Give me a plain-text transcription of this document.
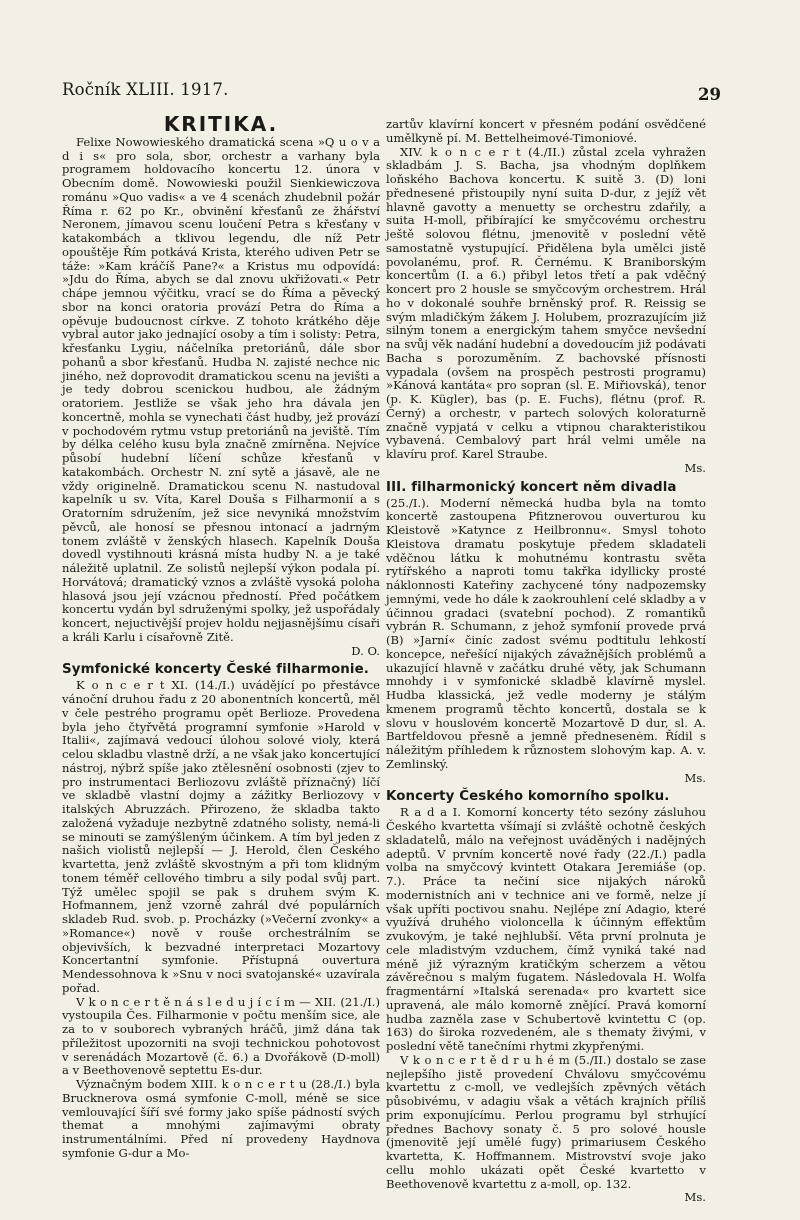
Ročník XLIII. 1917.	29
KRITIKA.

Felixe Nowowieského dramatická scena »Q u o v a d i s« pro sola, sbor, orchestr a varhany byla programem holdovacího koncertu 12. února v Obecním domě. Nowowieski použil Sienkiewiczova románu »Quo vadis« a ve 4 scenách zhudebnil požár Říma r. 62 po Kr., obvinění křesťanů ze žhářství Neronem, jímavou scenu loučení Petra s křesťany v katakombách a tklivou legendu, dle níž Petr opouštěje Řím potkává Krista, kterého udiven Petr se táže: »Kam kráčíš Pane?« a Kristus mu odpovídá: »Jdu do Říma, abych se dal znovu ukřižovati.« Petr chápe jemnou výčitku, vrací se do Říma a pěvecký sbor na konci oratoria provází Petra do Říma a opěvuje budoucnost církve. Z tohoto krátkého děje vybral autor jako jednající osoby a tím i solisty: Petra, křesťanku Lygiu, náčelníka pretoriánů, dále sbor pohanů a sbor křesťanů. Hudba N. zajisté nechce nic jiného, než doprovodit dramatickou scenu na jevišti a je tedy dobrou scenickou hudbou, ale žádným oratoriem. Jestliže se však jeho hra dávala jen koncertně, mohla se vynechati část hudby, jež provází v pochodovém rytmu vstup pretoriánů na jeviště. Tím by délka celého kusu byla značně zmírněna. Nejvíce působí hudební líčení schůze křesťanů v katakombách. Orchestr N. zní sytě a jásavě, ale ne vždy originelně. Dramatickou scenu N. nastudoval kapelník u sv. Víta, Karel Douša s Filharmonií a s Oratorním sdružením, jež sice nevyniká množstvím pěvců, ale honosí se přesnou intonací a jadrným tonem zvláště v ženských hlasech. Kapelník Douša dovedl vystihnouti krásná místa hudby N. a je také náležitě uplatnil. Ze solistů nejlepší výkon podala pí. Horvátová; dramatický vznos a zvláště vysoká poloha hlasová jsou její vzácnou předností. Před počátkem koncertu vydán byl sdruženými spolky, jež uspořádaly koncert, nejuctivější projev holdu nejjasnějšímu císaři a králi Karlu i císařovně Zitě.
D. O.

Symfonické koncerty České filharmonie.

K o n c e r t XI. (14./I.) uvádějící po přestávce vánoční druhou řadu z 20 abonentních koncertů, měl v čele pestrého programu opět Berlioze. Provedena byla jeho čtyřvětá programní symfonie »Harold v Italii«, zajímavá vedoucí úlohou solové violy, která celou skladbu vlastně drží, a ne však jako koncertující nástroj, nýbrž spíše jako ztělesnění osobnosti (zjev to pro instrumentaci Berliozovu zvláště příznačný) líčí ve skladbě vlastní dojmy a zážitky Berliozovy v italských Abruzzách. Přirozeno, že skladba takto založená vyžaduje nezbytně zdatného solisty, nemá-li se minouti se zamýšleným účinkem. A tím byl jeden z našich violistů nejlepší — J. Herold, člen Českého kvartetta, jenž zvláště skvostným a při tom klidným tonem téměř cellového timbru a sily podal svůj part. Týž umělec spojil se pak s druhem svým K. Hofmannem, jenž vzorně zahrál dvé populárních skladeb Rud. svob. p. Procházky (»Večerní zvonky« a »Romance«) nově v rouše orchestrálním se objevivších, k bezvadné interpretaci Mozartovy Koncertantní symfonie. Přístupná ouvertura Mendessohnova k »Snu v noci svatojanské« uzavírala pořad.

V k o n c e r t ě n á s l e d u j í c í m — XII. (21./I.) vystoupila Čes. Filharmonie v počtu menším sice, ale za to v souborech vybraných hráčů, jimž dána tak příležitost upozorniti na svoji technickou pohotovost v serenádách Mozartově (č. 6.) a Dvořákově (D-moll) a v Beethovenově septettu Es-dur.

Význačným bodem XIII. k o n c e r t u (28./I.) byla Brucknerova osmá symfonie C-moll, méně se sice vemlouvající šíří své formy jako spíše pádností svých themat a mnohými zajímavými obraty instrumentálními. Před ní provedeny Haydnova symfonie G-dur a Mo-

zartův klavírní koncert v přesném podání osvědčené umělkyně pí. M. Bettelheimové-Timoniové.

XIV. k o n c e r t (4./II.) zůstal zcela vyhražen skladbám J. S. Bacha, jsa vhodným doplňkem loňského Bachova koncertu. K suitě 3. (D) loni přednesené přistoupily nyní suita D-dur, z jejíž vět hlavně gavotty a menuetty se orchestru zdařily, a suita H-moll, přibírající ke smyčcovému orchestru ještě solovou flétnu, jmenovitě v poslední větě samostatně vystupující. Přidělena byla umělci jistě povolanému, prof. R. Černému. K Braniborským koncertům (I. a 6.) přibyl letos třetí a pak vděčný koncert pro 2 housle se smyčcovým orchestrem. Hrál ho v dokonalé souhře brněnský prof. R. Reissig se svým mladičkým žákem J. Holubem, prozrazujícím již silným tonem a energickým tahem smyčce nevšední na svůj věk nadání hudební a dovedoucím již podávati Bacha s porozuměním. Z bachovské přísnosti vypadala (ovšem na prospěch pestrosti programu) »Kánová kantáta« pro sopran (sl. E. Miřiovská), tenor (p. K. Kügler), bas (p. E. Fuchs), flétnu (prof. R. Černý) a orchestr, v partech solových koloraturně značně vypjatá v celku a vtipnou charakteristikou vybavená. Cembalový part hrál velmi uměle na klavíru prof. Karel Straube.
Ms.

III. filharmonický koncert něm divadla

(25./I.). Moderní německá hudba byla na tomto koncertě zastoupena Pfitznerovou ouverturou ku Kleistově »Katynce z Heilbronnu«. Smysl tohoto Kleistova dramatu poskytuje předem skladateli vděčnou látku k mohutnému kontrastu světa rytířského a naproti tomu takřka idyllicky prosté náklonnosti Kateřiny zachycené tóny nadpozemsky jemnými, vede ho dále k zaokrouhlení celé skladby a v účinnou gradaci (svatební pochod). Z romantiků vybrán R. Schumann, z jehož symfonií provede prvá (B) »Jarní« činíc zadost svému podtitulu lehkostí koncepce, neřešící nijakých závažnějších problémů a ukazující hlavně v začátku druhé věty, jak Schumann mnohdy i v symfonické skladbě klavírně myslel. Hudba klassická, jež vedle moderny je stálým kmenem programů těchto koncertů, dostala se k slovu v houslovém koncertě Mozartově D dur, sl. A. Bartfeldovou přesně a jemně přednesenėm. Řídil s náležitým příhledem k různostem slohovým kap. A. v. Zemlinský.
Ms.

Koncerty Českého komorního spolku.

R a d a I. Komorní koncerty této sezóny zásluhou Českého kvartetta všímají si zvláště ochotně českých skladatelů, málo na veřejnost uváděných i nadějných adeptů. V prvním koncertě nové řady (22./I.) padla volba na smyčcový kvintett Otakara Jeremiáše (op. 7.). Práce ta nečiní sice nijakých nároků modernistních ani v technice ani ve formě, nelze jí však upříti poctivou snahu. Nejlépe zní Adagio, které využívá druhého violoncella k účinným effektům zvukovým, je také nejhlubší. Věta první prolnuta je cele mladistvým vzduchem, čímž vyniká také nad méně již výrazným kratičkým scherzem a větou závěrečnou s malým fugatem. Následovala H. Wolfa fragmentární »Italská serenada« pro kvartett sice upravená, ale málo komorně znějící. Pravá komorní hudba zazněla zase v Schubertově kvintettu C (op. 163) do široka rozvedeném, ale s thematy živými, v poslední větě tanečními rhytmi zkypřenými.

V k o n c e r t ě d r u h é m (5./II.) dostalo se zase nejlepšího jistě provedení Chválovu smyčcovému kvartettu z c-moll, ve vedlejších zpěvných větách působivému, v adagiu však a větách krajních příliš prim exponujícímu. Perlou programu byl strhující přednes Bachovy sonaty č. 5 pro solové housle (jmenovitě její umělé fugy) primariusem Českého kvartetta, K. Hoffmannem. Mistrovství svoje jako cellu mohlo ukázati opět České kvartetto v Beethovenově kvartettu z a-moll, op. 132.
Ms.
